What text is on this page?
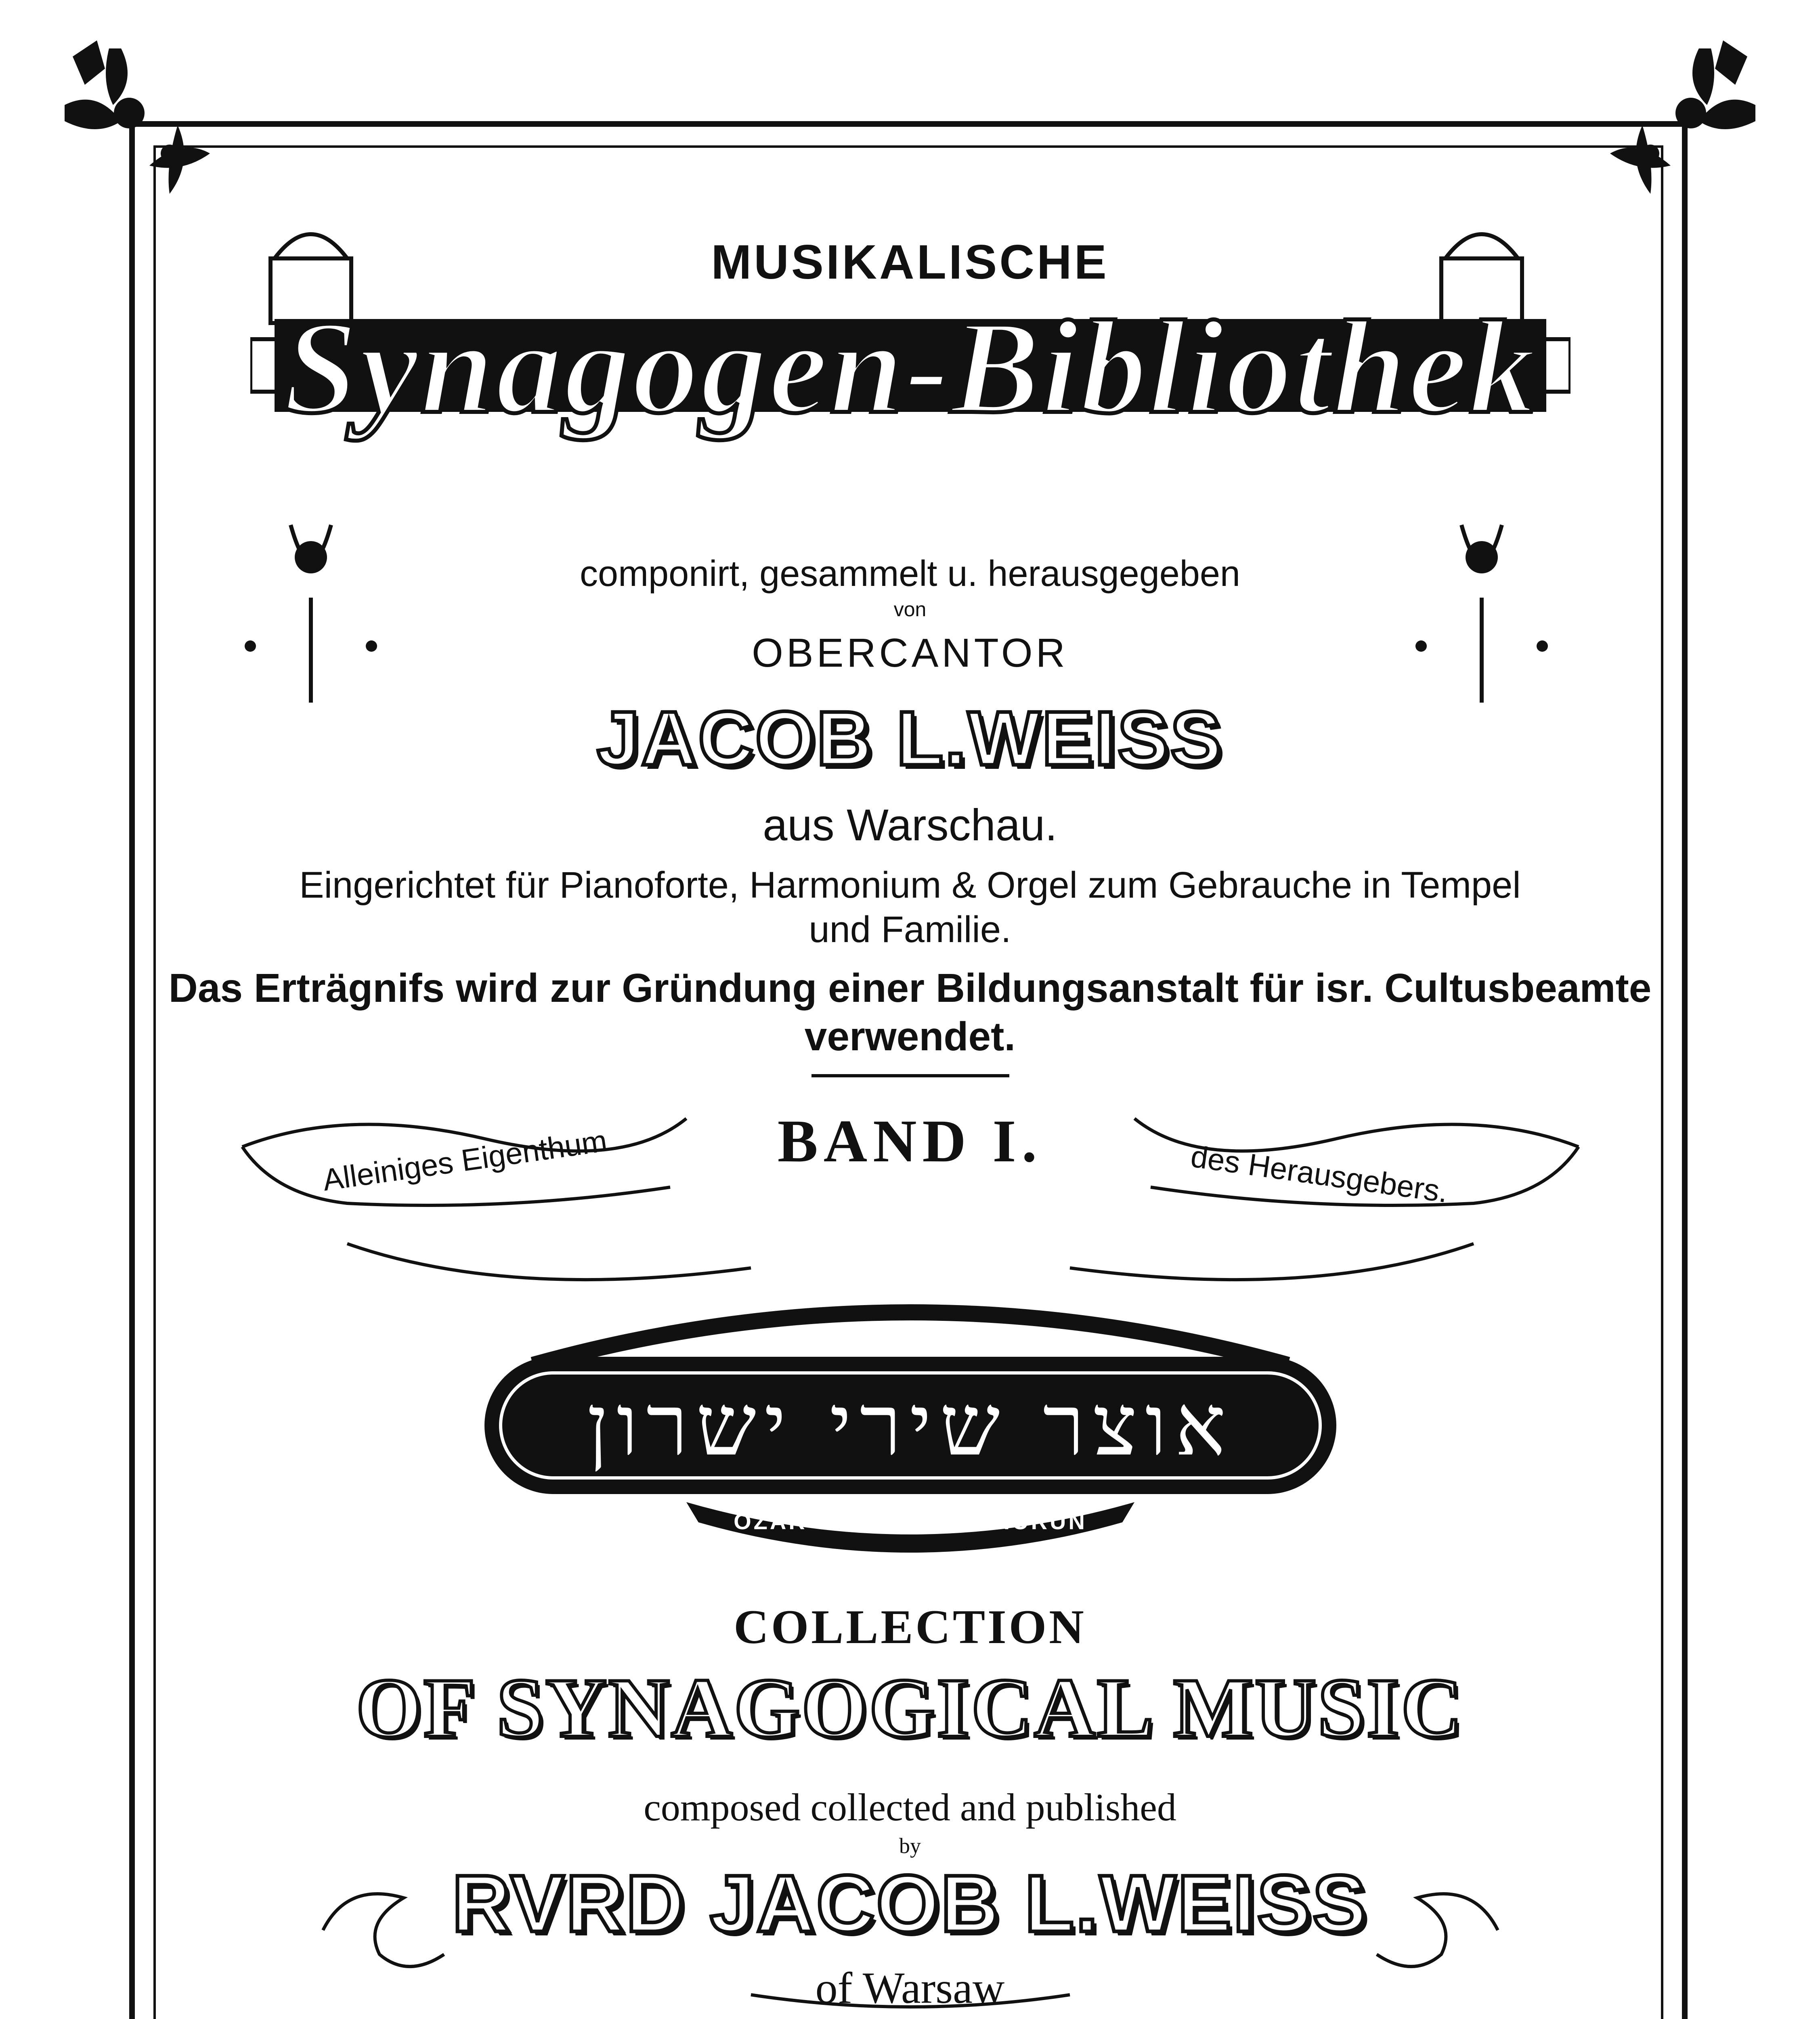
MUSIKALISCHE
Synagogen-Bibliothek
componirt, gesammelt u. herausgegeben
von
OBERCANTOR
JACOB L.WEISS
aus Warschau.
Eingerichtet für Pianoforte, Harmonium & Orgel zum Gebrauche in Tempel
und Familie.
Das Erträgnifs wird zur Gründung einer Bildungsanstalt für isr. Cultusbeamte
verwendet.
BAND I.
Alleiniges Eigenthum	des Herausgebers.
אוצר שירי ישרון
OZAR SCHIRE JESCHURUN
COLLECTION
OF SYNAGOGICAL MUSIC
composed collected and published
by
RVRD JACOB L.WEISS
of Warsaw
